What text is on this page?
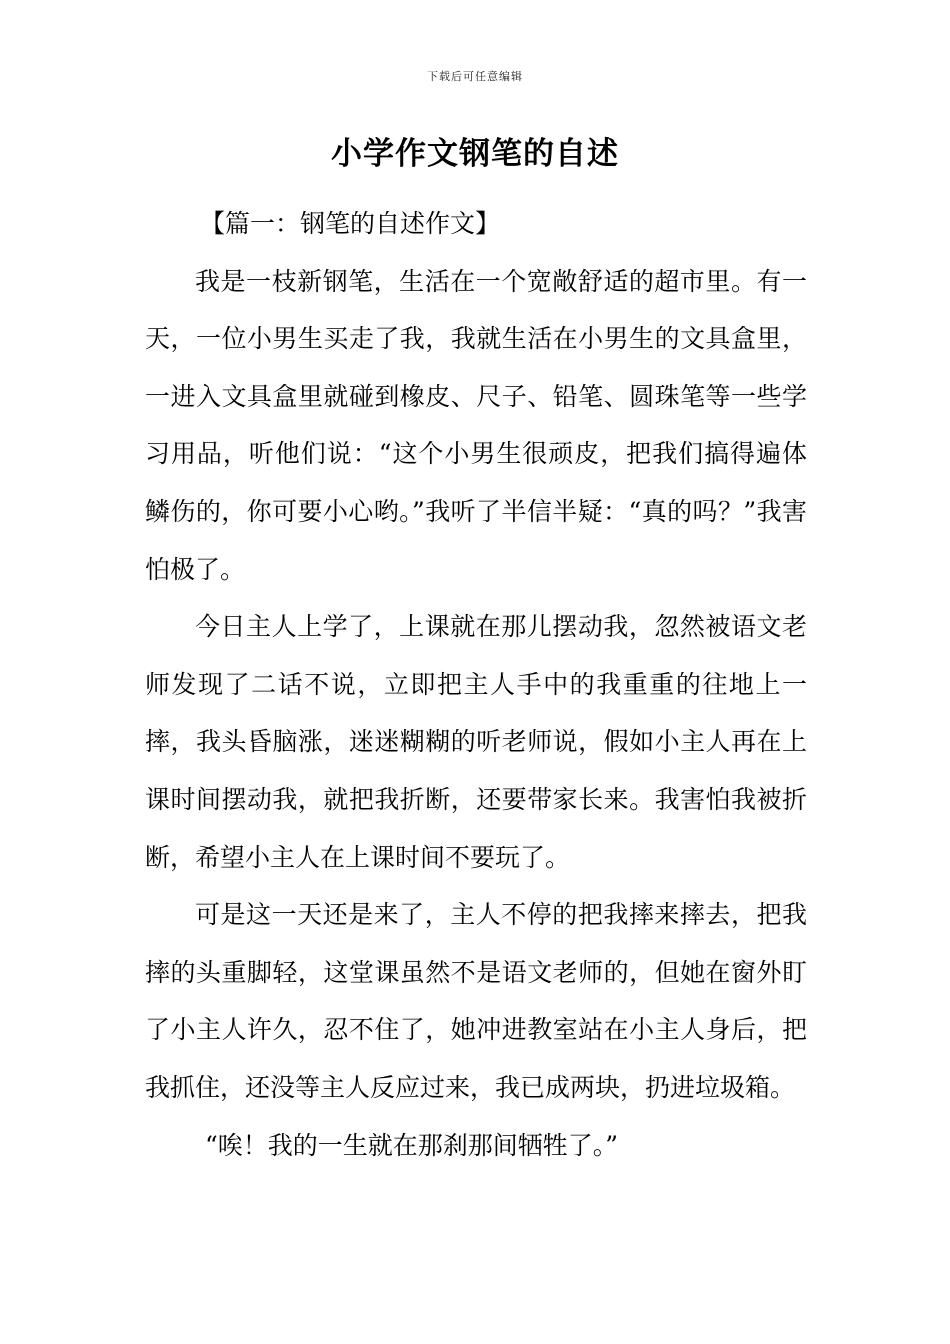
下载后可任意编辑
小学作文钢笔的自述

【篇一：钢笔的自述作文】

我是一枝新钢笔，生活在一个宽敞舒适的超市里。有一天，一位小男生买走了我，我就生活在小男生的文具盒里，一进入文具盒里就碰到橡皮、尺子、铅笔、圆珠笔等一些学习用品，听他们说：“这个小男生很顽皮，把我们搞得遍体鳞伤的，你可要小心哟。”我听了半信半疑：“真的吗？”我害怕极了。

今日主人上学了，上课就在那儿摆动我，忽然被语文老师发现了二话不说，立即把主人手中的我重重的往地上一摔，我头昏脑涨，迷迷糊糊的听老师说，假如小主人再在上课时间摆动我，就把我折断，还要带家长来。我害怕我被折断，希望小主人在上课时间不要玩了。

可是这一天还是来了，主人不停的把我摔来摔去，把我摔的头重脚轻，这堂课虽然不是语文老师的，但她在窗外盯了小主人许久，忍不住了，她冲进教室站在小主人身后，把我抓住，还没等主人反应过来，我已成两块，扔进垃圾箱。

“唉！我的一生就在那刹那间牺牲了。”
